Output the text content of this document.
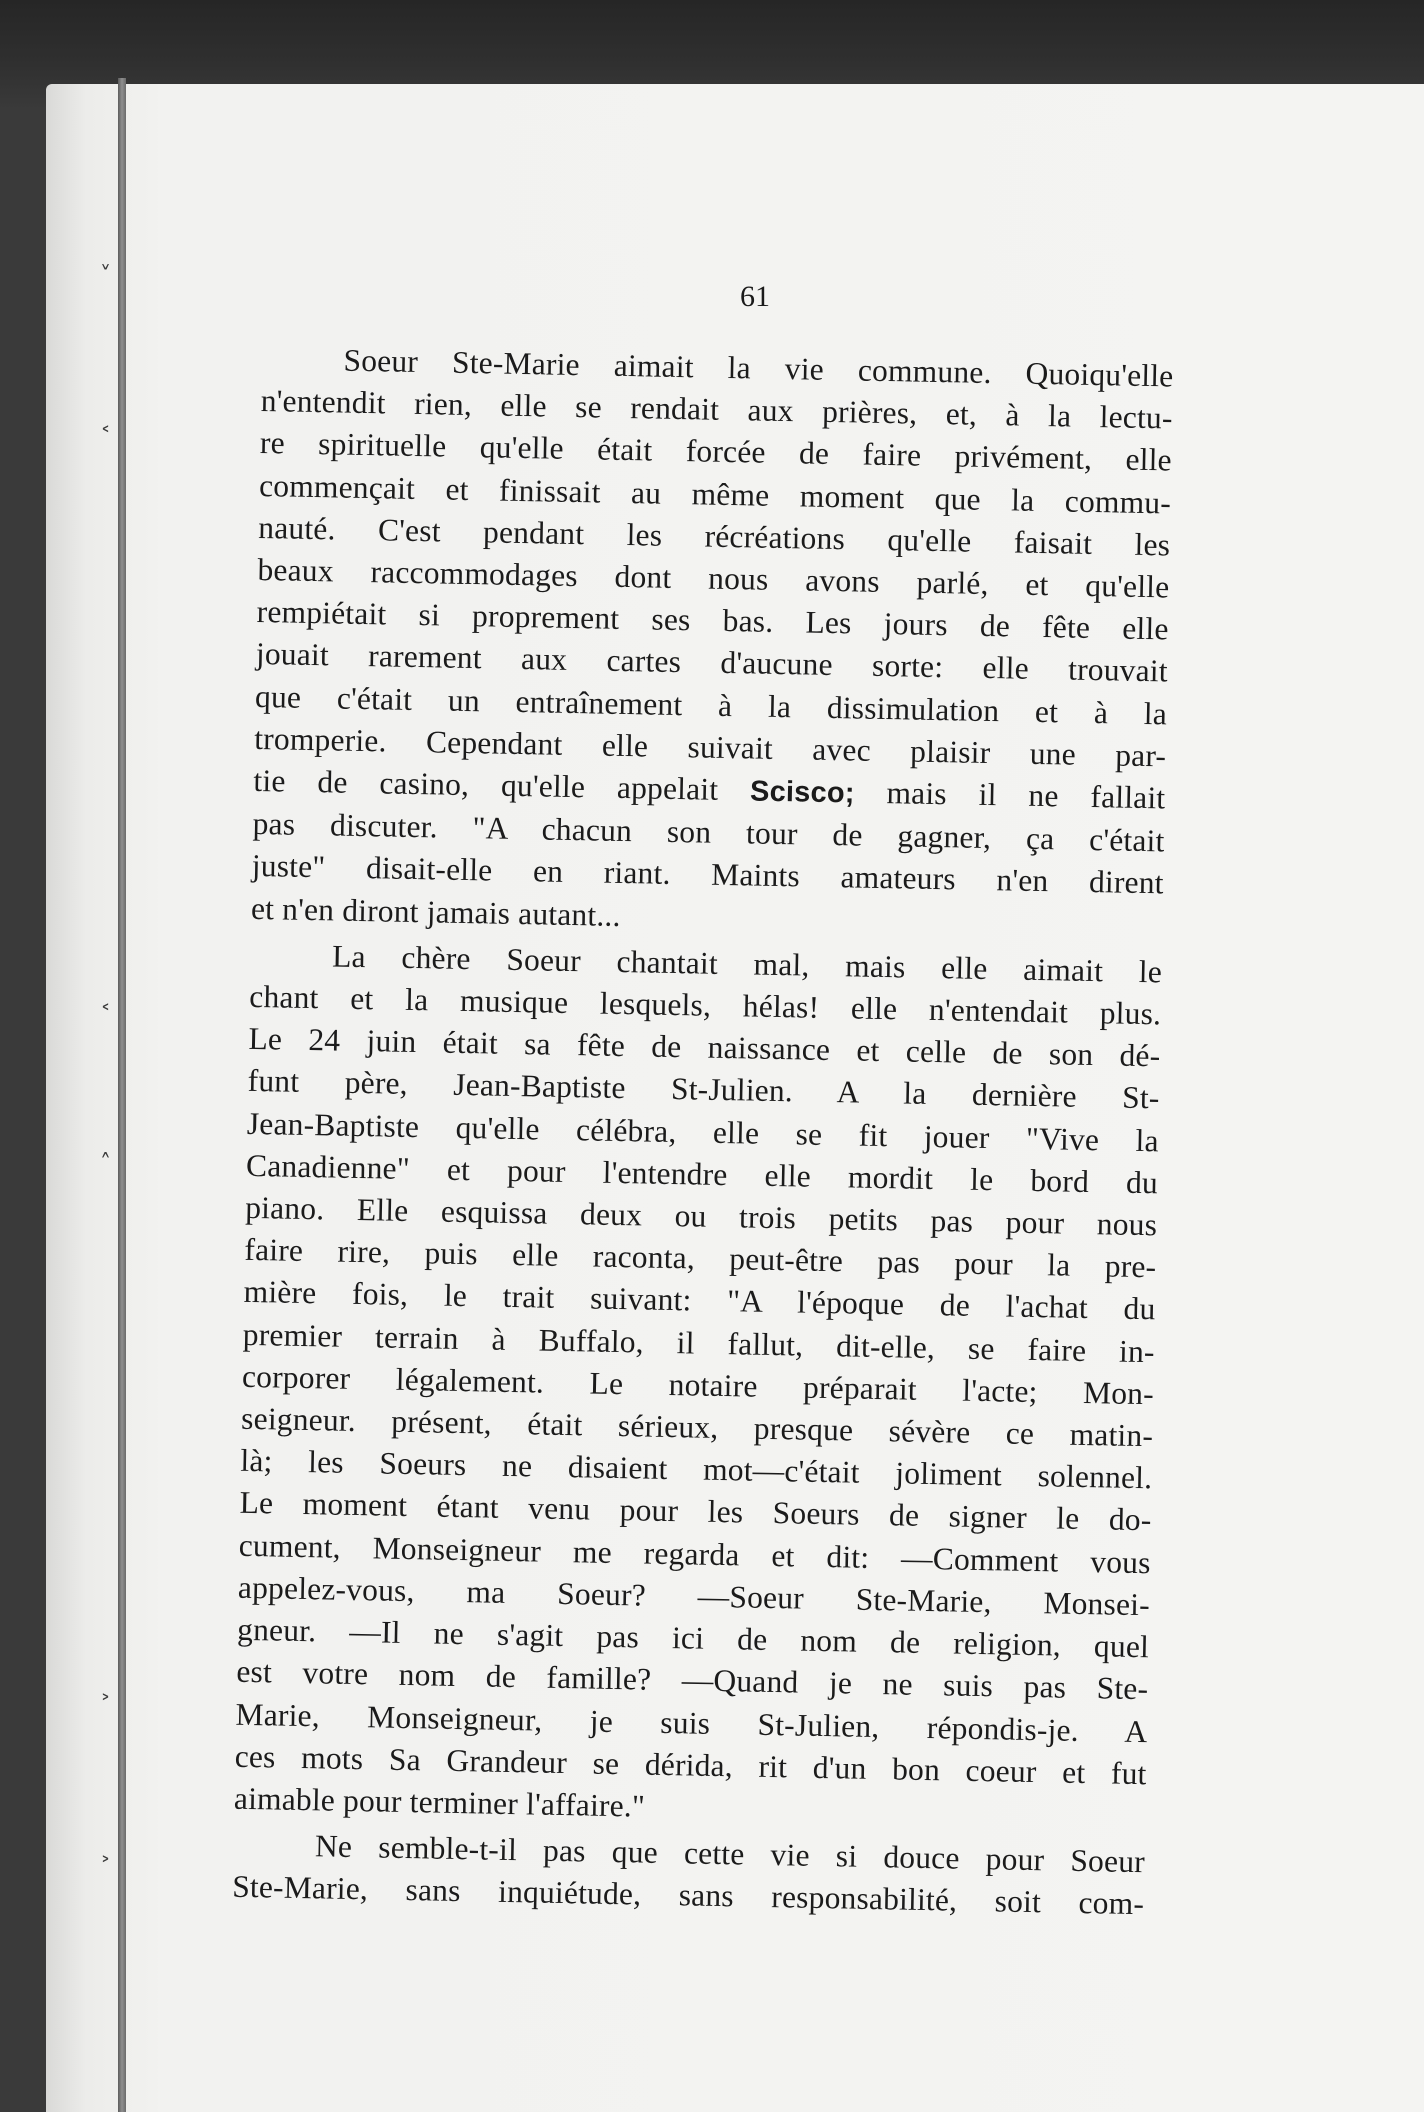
˅
˂
˂
˄
˃
˃
61
Soeur Ste-Marie aimait la vie commune. Quoiqu'elle
n'entendit rien, elle se rendait aux prières, et, à la lectu-
re spirituelle qu'elle était forcée de faire privément, elle
commençait et finissait au même moment que la commu-
nauté. C'est pendant les récréations qu'elle faisait les
beaux raccommodages dont nous avons parlé, et qu'elle
rempiétait si proprement ses bas. Les jours de fête elle
jouait rarement aux cartes d'aucune sorte: elle trouvait
que c'était un entraînement à la dissimulation et à la
tromperie. Cependant elle suivait avec plaisir une par-
tie de casino, qu'elle appelait Scisco; mais il ne fallait
pas discuter. "A chacun son tour de gagner, ça c'était
juste" disait-elle en riant. Maints amateurs n'en dirent
et n'en diront jamais autant...
La chère Soeur chantait mal, mais elle aimait le
chant et la musique lesquels, hélas! elle n'entendait plus.
Le 24 juin était sa fête de naissance et celle de son dé-
funt père, Jean-Baptiste St-Julien. A la dernière St-
Jean-Baptiste qu'elle célébra, elle se fit jouer "Vive la
Canadienne" et pour l'entendre elle mordit le bord du
piano. Elle esquissa deux ou trois petits pas pour nous
faire rire, puis elle raconta, peut-être pas pour la pre-
mière fois, le trait suivant: "A l'époque de l'achat du
premier terrain à Buffalo, il fallut, dit-elle, se faire in-
corporer légalement. Le notaire préparait l'acte; Mon-
seigneur. présent, était sérieux, presque sévère ce matin-
là; les Soeurs ne disaient mot—c'était joliment solennel.
Le moment étant venu pour les Soeurs de signer le do-
cument, Monseigneur me regarda et dit: —Comment vous
appelez-vous, ma Soeur? —Soeur Ste-Marie, Monsei-
gneur. —Il ne s'agit pas ici de nom de religion, quel
est votre nom de famille? —Quand je ne suis pas Ste-
Marie, Monseigneur, je suis St-Julien, répondis-je. A
ces mots Sa Grandeur se dérida, rit d'un bon coeur et fut
aimable pour terminer l'affaire."
Ne semble-t-il pas que cette vie si douce pour Soeur
Ste-Marie, sans inquiétude, sans responsabilité, soit com-
